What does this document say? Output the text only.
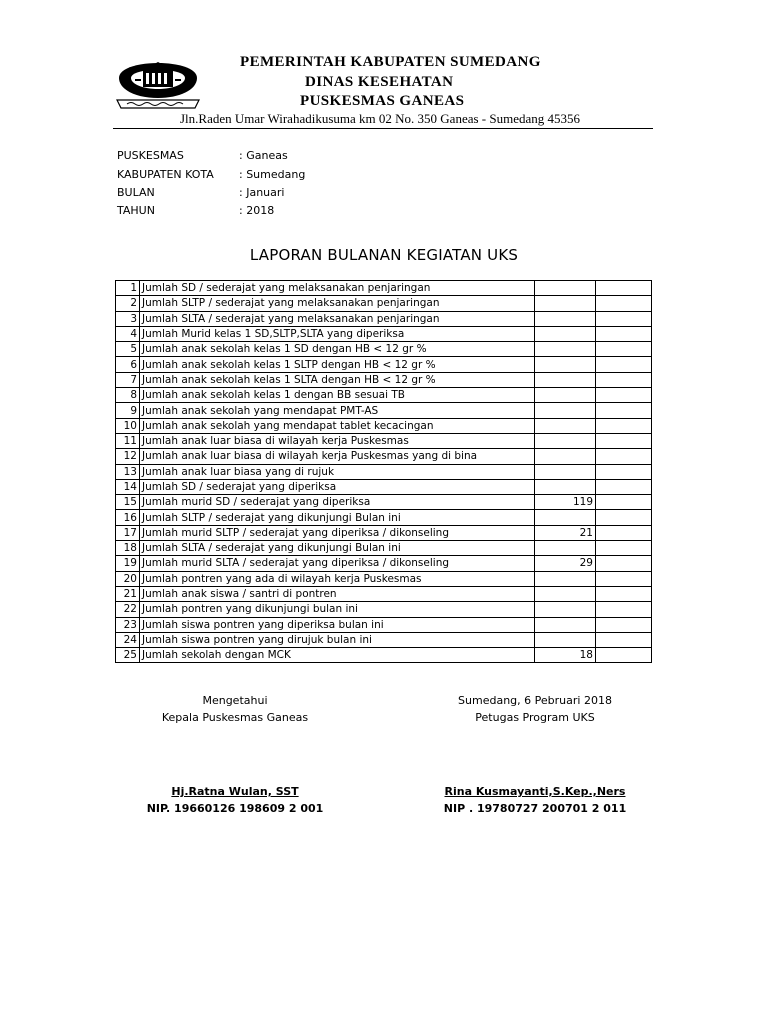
PEMERINTAH KABUPATEN SUMEDANG
DINAS KESEHATAN
PUSKESMAS GANEAS
Jln.Raden Umar Wirahadikusuma km 02 No. 350 Ganeas - Sumedang 45356
PUSKESMAS	: Ganeas
KABUPATEN KOTA : Sumedang
BULAN	: Januari
TAHUN	: 2018
LAPORAN BULANAN KEGIATAN UKS
1	Jumlah SD / sederajat yang melaksanakan penjaringan		
2	Jumlah SLTP / sederajat yang melaksanakan penjaringan		
3	Jumlah SLTA / sederajat yang melaksanakan penjaringan		
4	Jumlah Murid kelas 1 SD,SLTP,SLTA yang diperiksa		
5	Jumlah anak sekolah kelas 1 SD dengan HB < 12 gr %		
6	Jumlah anak sekolah kelas 1 SLTP dengan HB < 12 gr %		
7	Jumlah anak sekolah kelas 1 SLTA dengan HB < 12 gr %		
8	Jumlah anak sekolah kelas 1 dengan BB sesuai TB		
9	Jumlah anak sekolah yang mendapat PMT-AS		
10	Jumlah anak sekolah yang mendapat tablet kecacingan		
11	Jumlah anak luar biasa di wilayah kerja Puskesmas		
12	Jumlah anak luar biasa di wilayah kerja Puskesmas yang di bina		
13	Jumlah anak luar biasa yang di rujuk		
14	Jumlah SD / sederajat yang diperiksa		
15	Jumlah murid SD / sederajat yang diperiksa	119	
16	Jumlah SLTP / sederajat yang dikunjungi Bulan ini		
17	Jumlah murid SLTP / sederajat yang diperiksa / dikonseling	21	
18	Jumlah SLTA / sederajat yang dikunjungi Bulan ini		
19	Jumlah murid SLTA / sederajat yang diperiksa / dikonseling	29	
20	Jumlah pontren yang ada di wilayah kerja Puskesmas		
21	Jumlah anak siswa / santri di pontren		
22	Jumlah pontren yang dikunjungi bulan ini		
23	Jumlah siswa pontren yang diperiksa bulan ini		
24	Jumlah siswa pontren yang dirujuk bulan ini		
25	Jumlah sekolah dengan MCK	18	
Mengetahui
Kepala Puskesmas Ganeas
Hj.Ratna Wulan, SST
NIP. 19660126 198609 2 001
Sumedang, 6 Pebruari 2018
Petugas Program UKS
Rina Kusmayanti,S.Kep.,Ners
NIP . 19780727 200701 2 011
